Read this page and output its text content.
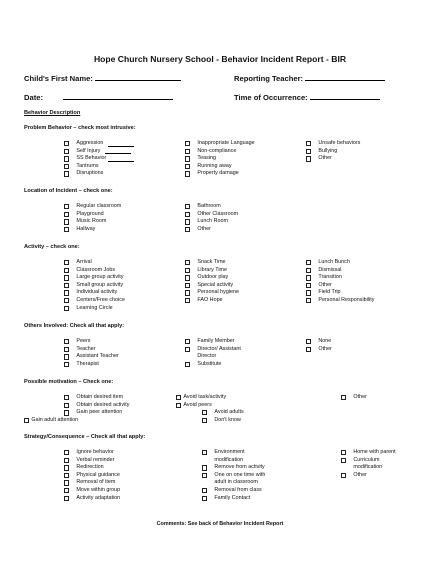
Hope Church Nursery School - Behavior Incident Report - BIR
Child's First Name:	Reporting Teacher:
Date:	Time of Occurrence:
Behavior Description
Problem Behavior – check most intrusive:
Aggression
Self Injury
SS Behavior
Tantrums
Disruptions
Inappropriate Language
Non-compliance
Teasing
Running away
Property damage
Unsafe behaviors
Bullying
Other
Location of Incident – check one:
Regular classroom
Playground
Music Room
Hallway
Bathroom
Other Classroom
Lunch Room
Other
Activity – check one:
Arrival
Classroom Jobs
Large group activity
Small group activity
Individual activity
Centers/Free choice
Learning Circle
Snack Time
Library Time
Outdoor play
Special activity
Personal hygiene
FAO Hope
Lunch Bunch
Dismissal
Transition
Other
Field Trip
Personal Responsibility
Others Involved: Check all that apply:
Peers
Teacher
Assistant Teacher
Therapist
Family Member
Director/ Assistant
Director
Substitute
None
Other
Possible motivation – Check one:
Obtain desired item
Obtain desired activity
Gain peer attention
Gain adult attention
Avoid task/activity
Avoid peers
Avoid adults
Don't know
Other
Strategy/Consequence – Check all that apply:
Ignore behavior
Verbal reminder
Redirection
Physical guidance
Removal of item
Move within group
Activity adaptation
Environment
modification
Remove from activity
One on one time with
adult in classroom
Removal from class
Family Contact
Home with parent
Curriculum
modification
Other
Comments: See back of Behavior Incident Report
